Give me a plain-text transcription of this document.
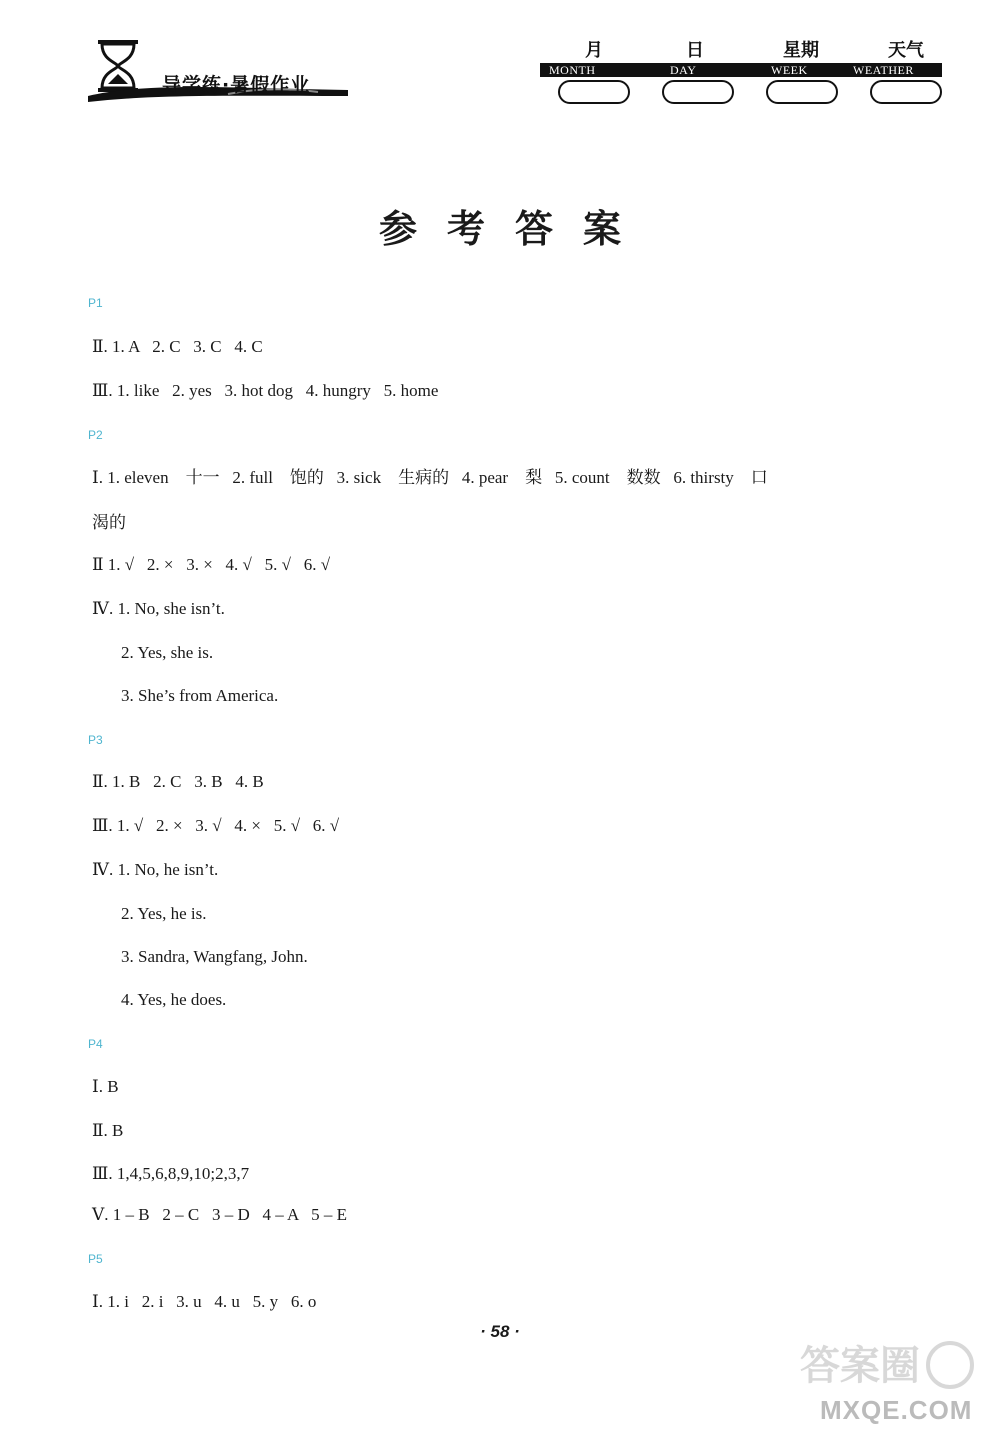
导学练·暑假作业
月	日	星期	天气
MONTH	DAY	WEEK	WEATHER
参考答案
P1
P2
P3
P4
P5
Ⅱ. 1. A   2. C   3. C   4. C
Ⅲ. 1. like   2. yes   3. hot dog   4. hungry   5. home
Ⅰ. 1. eleven    十一   2. full    饱的   3. sick    生病的   4. pear    梨   5. count    数数   6. thirsty    口
渴的
Ⅱ 1. √   2. ×   3. ×   4. √   5. √   6. √
Ⅳ. 1. No, she isn’t.
2. Yes, she is.
3. She’s from America.
Ⅱ. 1. B   2. C   3. B   4. B
Ⅲ. 1. √   2. ×   3. √   4. ×   5. √   6. √
Ⅳ. 1. No, he isn’t.
2. Yes, he is.
3. Sandra, Wangfang, John.
4. Yes, he does.
Ⅰ. B
Ⅱ. B
Ⅲ. 1,4,5,6,8,9,10;2,3,7
Ⅴ. 1 – B   2 – C   3 – D   4 – A   5 – E
Ⅰ. 1. i   2. i   3. u   4. u   5. y   6. o
· 58 ·
答案圈
MXQE.COM
